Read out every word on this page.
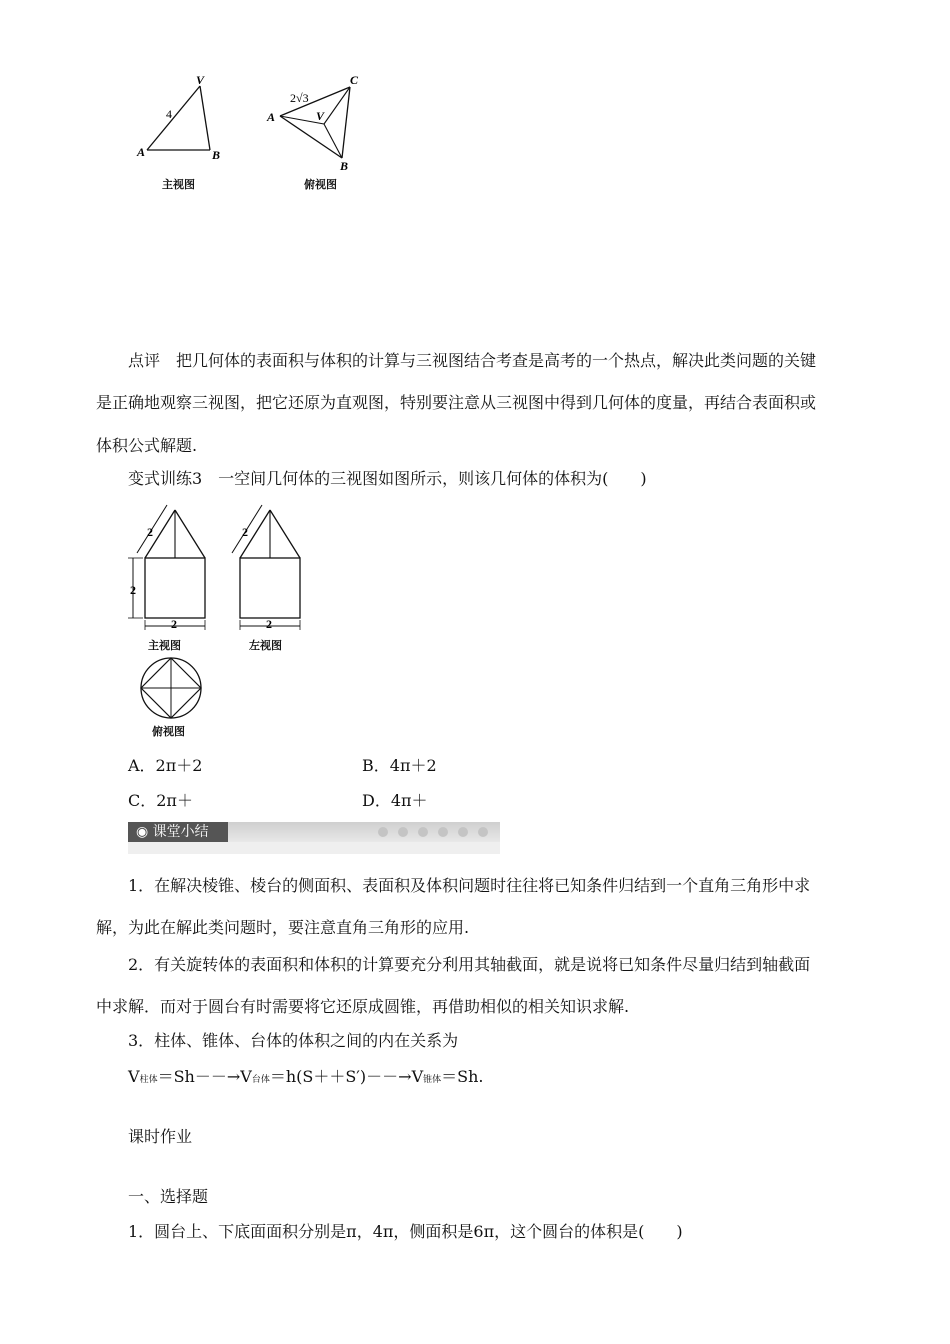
V
4
A	B
主视图
C
2√3
A	V
B
俯视图
点评　把几何体的表面积与体积的计算与三视图结合考查是高考的一个热点，解决此类问题的关键
是正确地观察三视图，把它还原为直观图，特别要注意从三视图中得到几何体的度量，再结合表面积或
体积公式解题.
变式训练3　一空间几何体的三视图如图所示，则该几何体的体积为(　　)
2
2
2
主视图
2
2
左视图
俯视图
A．2π＋2	B．4π＋2
C．2π＋	D．4π＋
◉ 课堂小结
1．在解决棱锥、棱台的侧面积、表面积及体积问题时往往将已知条件归结到一个直角三角形中求
解，为此在解此类问题时，要注意直角三角形的应用.
2．有关旋转体的表面积和体积的计算要充分利用其轴截面，就是说将已知条件尽量归结到轴截面
中求解．而对于圆台有时需要将它还原成圆锥，再借助相似的相关知识求解.
3．柱体、锥体、台体的体积之间的内在关系为
V柱体＝Sh－－→V台体＝h(S＋＋S′)－－→V锥体＝Sh.
课时作业
一、选择题
1．圆台上、下底面面积分别是π，4π，侧面积是6π，这个圆台的体积是(　　)
